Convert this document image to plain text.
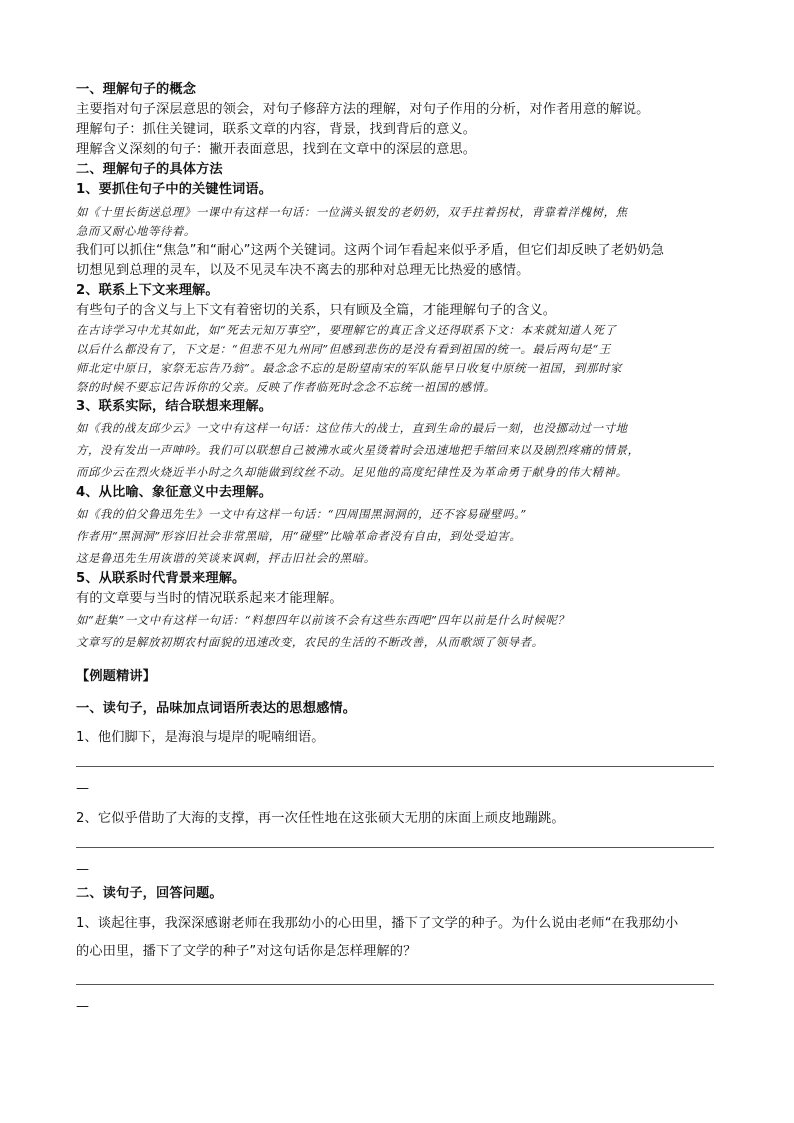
一、理解句子的概念
主要指对句子深层意思的领会，对句子修辞方法的理解，对句子作用的分析，对作者用意的解说。
理解句子：抓住关键词，联系文章的内容，背景，找到背后的意义。
理解含义深刻的句子：撇开表面意思，找到在文章中的深层的意思。
二、理解句子的具体方法
1、要抓住句子中的关键性词语。
如《十里长街送总理》一课中有这样一句话：一位满头银发的老奶奶，双手拄着拐杖，背靠着洋槐树，焦
急而又耐心地等待着。
我们可以抓住“焦急”和“耐心”这两个关键词。这两个词乍看起来似乎矛盾，但它们却反映了老奶奶急
切想见到总理的灵车，以及不见灵车决不离去的那种对总理无比热爱的感情。
2、联系上下文来理解。
有些句子的含义与上下文有着密切的关系，只有顾及全篇，才能理解句子的含义。
在古诗学习中尤其如此，如“死去元知万事空”，要理解它的真正含义还得联系下文：本来就知道人死了
以后什么都没有了，下文是：“但悲不见九州同”但感到悲伤的是没有看到祖国的统一。最后两句是“王
师北定中原日，家祭无忘告乃翁”。最念念不忘的是盼望南宋的军队能早日收复中原统一祖国，到那时家
祭的时候不要忘记告诉你的父亲。反映了作者临死时念念不忘统一祖国的感情。
3、联系实际，结合联想来理解。
如《我的战友邱少云》一文中有这样一句话：这位伟大的战士，直到生命的最后一刻，也没挪动过一寸地
方，没有发出一声呻吟。我们可以联想自己被沸水或火星烫着时会迅速地把手缩回来以及剧烈疼痛的情景，
而邱少云在烈火烧近半小时之久却能做到纹丝不动。足见他的高度纪律性及为革命勇于献身的伟大精神。
4、从比喻、象征意义中去理解。
如《我的伯父鲁迅先生》一文中有这样一句话：“四周围黑洞洞的，还不容易碰壁吗。”
作者用“黑洞洞”形容旧社会非常黑暗，用“碰壁”比喻革命者没有自由，到处受迫害。
这是鲁迅先生用诙谐的笑谈来讽刺，抨击旧社会的黑暗。
5、从联系时代背景来理解。
有的文章要与当时的情况联系起来才能理解。
如“赶集”一文中有这样一句话：“料想四年以前该不会有这些东西吧”四年以前是什么时候呢？
文章写的是解放初期农村面貌的迅速改变，农民的生活的不断改善，从而歌颂了领导者。
【例题精讲】
一、读句子，品味加点词语所表达的思想感情。
1、他们脚下，是海浪与堤岸的呢喃细语。
—
2、它似乎借助了大海的支撑，再一次任性地在这张硕大无朋的床面上顽皮地蹦跳。
—
二、读句子，回答问题。
1、谈起往事，我深深感谢老师在我那幼小的心田里，播下了文学的种子。为什么说由老师“在我那幼小
的心田里，播下了文学的种子”对这句话你是怎样理解的？
—
